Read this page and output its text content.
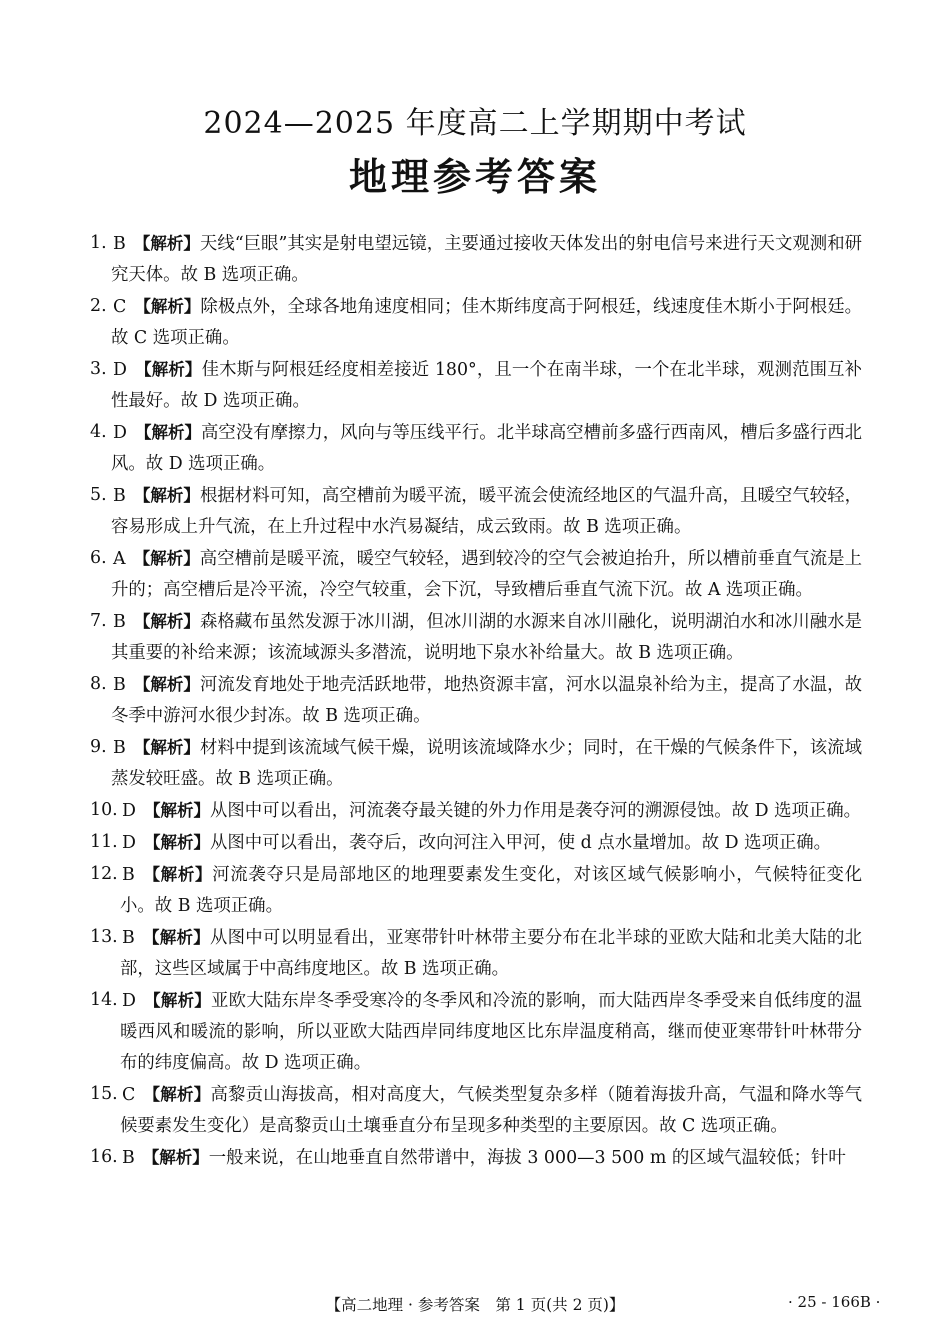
2024—2025 年度高二上学期期中考试
地理参考答案
1. B 【解析】天线“巨眼”其实是射电望远镜，主要通过接收天体发出的射电信号来进行天文观测和研究天体。故 B 选项正确。
2. C 【解析】除极点外，全球各地角速度相同；佳木斯纬度高于阿根廷，线速度佳木斯小于阿根廷。故 C 选项正确。
3. D 【解析】佳木斯与阿根廷经度相差接近 180°，且一个在南半球，一个在北半球，观测范围互补性最好。故 D 选项正确。
4. D 【解析】高空没有摩擦力，风向与等压线平行。北半球高空槽前多盛行西南风，槽后多盛行西北风。故 D 选项正确。
5. B 【解析】根据材料可知，高空槽前为暖平流，暖平流会使流经地区的气温升高，且暖空气较轻，容易形成上升气流，在上升过程中水汽易凝结，成云致雨。故 B 选项正确。
6. A 【解析】高空槽前是暖平流，暖空气较轻，遇到较冷的空气会被迫抬升，所以槽前垂直气流是上升的；高空槽后是冷平流，冷空气较重，会下沉，导致槽后垂直气流下沉。故 A 选项正确。
7. B 【解析】森格藏布虽然发源于冰川湖，但冰川湖的水源来自冰川融化，说明湖泊水和冰川融水是其重要的补给来源；该流域源头多潜流，说明地下泉水补给量大。故 B 选项正确。
8. B 【解析】河流发育地处于地壳活跃地带，地热资源丰富，河水以温泉补给为主，提高了水温，故冬季中游河水很少封冻。故 B 选项正确。
9. B 【解析】材料中提到该流域气候干燥，说明该流域降水少；同时，在干燥的气候条件下，该流域蒸发较旺盛。故 B 选项正确。
10. D 【解析】从图中可以看出，河流袭夺最关键的外力作用是袭夺河的溯源侵蚀。故 D 选项正确。
11. D 【解析】从图中可以看出，袭夺后，改向河注入甲河，使 d 点水量增加。故 D 选项正确。
12. B 【解析】河流袭夺只是局部地区的地理要素发生变化，对该区域气候影响小，气候特征变化小。故 B 选项正确。
13. B 【解析】从图中可以明显看出，亚寒带针叶林带主要分布在北半球的亚欧大陆和北美大陆的北部，这些区域属于中高纬度地区。故 B 选项正确。
14. D 【解析】亚欧大陆东岸冬季受寒冷的冬季风和冷流的影响，而大陆西岸冬季受来自低纬度的温暖西风和暖流的影响，所以亚欧大陆西岸同纬度地区比东岸温度稍高，继而使亚寒带针叶林带分布的纬度偏高。故 D 选项正确。
15. C 【解析】高黎贡山海拔高，相对高度大，气候类型复杂多样（随着海拔升高，气温和降水等气候要素发生变化）是高黎贡山土壤垂直分布呈现多种类型的主要原因。故 C 选项正确。
16. B 【解析】一般来说，在山地垂直自然带谱中，海拔 3 000—3 500 m 的区域气温较低；针叶
【高二地理 · 参考答案　第 1 页(共 2 页)】	· 25 - 166B ·
